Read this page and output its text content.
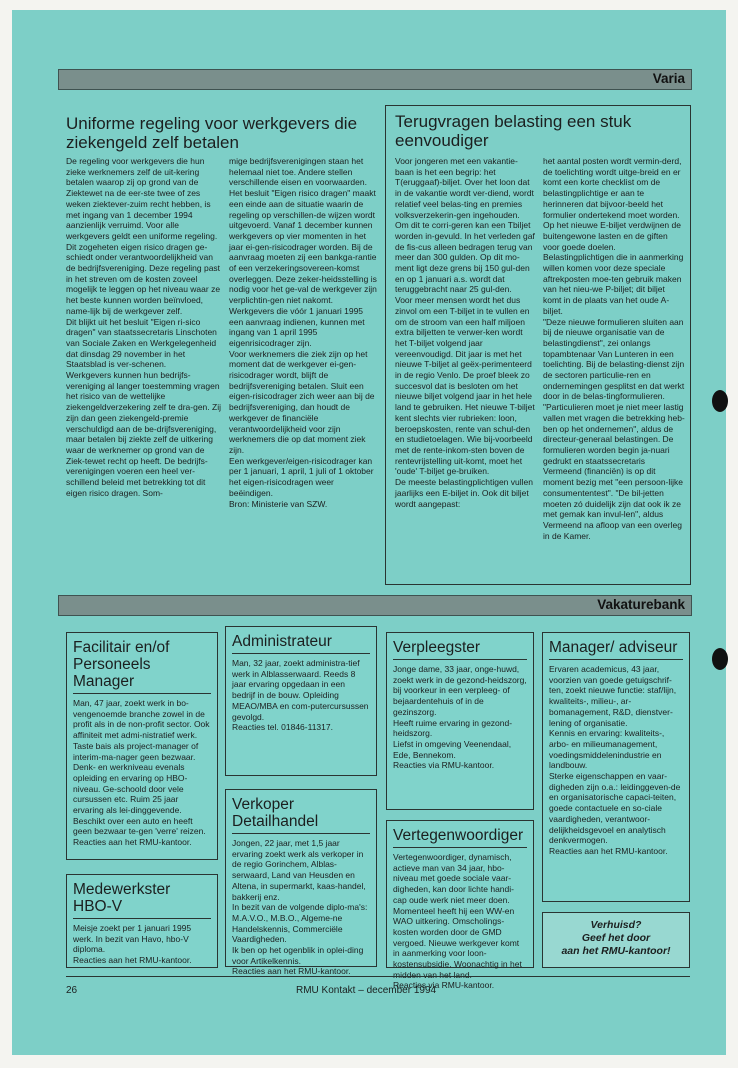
Varia
Uniforme regeling voor werkgevers die ziekengeld zelf betalen

De regeling voor werkgevers die hun zieke werknemers zelf de uit-kering betalen waarop zij op grond van de Ziektewet na de eer-ste twee of zes weken ziektever-zuim recht hebben, is met ingang van 1 december 1994 aanzienlijk verruimd. Voor alle werkgevers geldt een uniforme regeling. Dit zogeheten eigen risico dragen ge-schiedt onder verantwoordelijkheid van de bedrijfsvereniging. Deze regeling past in het streven om de kosten zoveel mogelijk te leggen op het niveau waar ze het beste kunnen worden beïnvloed, name-lijk bij de werkgever zelf.
Dit blijkt uit het besluit "Eigen ri-sico dragen" van staatssecretaris Linschoten van Sociale Zaken en Werkgelegenheid dat dinsdag 29 november in het Staatsblad is ver-schenen.
Werkgevers kunnen hun bedrijfs-vereniging al langer toestemming vragen het risico van de wettelijke ziekengeldverzekering zelf te dra-gen. Zij zijn dan geen ziekengeld-premie verschuldigd aan de be-drijfsvereniging, maar betalen bij ziekte zelf de uitkering waar de werknemer op grond van de Ziek-tewet recht op heeft. De bedrijfs-verenigingen voeren een heel ver-schillend beleid met betrekking tot dit eigen risico dragen. Som-

mige bedrijfsverenigingen staan het helemaal niet toe. Andere stellen verschillende eisen en voorwaarden.
Het besluit "Eigen risico dragen" maakt een einde aan de situatie waarin de regeling op verschillen-de wijzen wordt uitgevoerd. Vanaf 1 december kunnen werkgevers op vier momenten in het jaar ei-gen-risicodrager worden. Bij de aanvraag moeten zij een bankga-rantie of een verzekeringsovereen-komst overleggen. Deze zeker-heidsstelling is nodig voor het ge-val de werkgever zijn verplichtin-gen niet nakomt. Werkgevers die vóór 1 januari 1995 een aanvraag indienen, kunnen met ingang van 1 april 1995 eigenrisicodrager zijn.
Voor werknemers die ziek zijn op het moment dat de werkgever ei-gen-risicodrager wordt, blijft de bedrijfsvereniging betalen. Sluit een eigen-risicodrager zich weer aan bij de bedrijfsvereniging, dan houdt de werkgever de financiële verantwoordelijkheid voor zijn werknemers die op dat moment ziek zijn.
Een werkgever/eigen-risicodrager kan per 1 januari, 1 april, 1 juli of 1 oktober het eigen-risicodragen weer beëindigen.
Bron: Ministerie van SZW.

Terugvragen belasting een stuk eenvoudiger

Voor jongeren met een vakantie-baan is het een begrip: het T(eruggaaf)-biljet. Over het loon dat in de vakantie wordt ver-diend, wordt relatief veel belas-ting en premies volksverzekerin-gen ingehouden. Om dit te corri-geren kan een Tbiljet worden in-gevuld. In het verleden gaf de fis-cus alleen bedragen terug van meer dan 300 gulden. Op dit mo-ment ligt deze grens bij 150 gul-den en op 1 januari a.s. wordt dat teruggebracht naar 25 gul-den.
Voor meer mensen wordt het dus zinvol om een T-biljet in te vullen en om de stroom van een half miljoen extra biljetten te verwer-ken wordt het T-biljet volgend jaar vereenvoudigd. Dit jaar is met het nieuwe T-biljet al geëx-perimenteerd in de regio Venlo. De proef bleek zo succesvol dat is besloten om het nieuwe biljet volgend jaar in het hele land te gebruiken. Het nieuwe T-biljet kent slechts vier rubrieken: loon, beroepskosten, rente van schul-den en studietoelagen. Wie bij-voorbeeld met de rente-inkom-sten boven de rentevrijstelling uit-komt, moet het 'oude' T-biljet ge-bruiken.
De meeste belastingplichtigen vullen jaarlijks een E-biljet in. Ook dit biljet wordt aangepast:

het aantal posten wordt vermin-derd, de toelichting wordt uitge-breid en er komt een korte checklist om de belastingplichtige er aan te herinneren dat bijvoor-beeld het formulier ondertekend moet worden. Op het nieuwe E-biljet verdwijnen de buitengewone lasten en de giften voor goede doelen. Belastingplichtigen die in aanmerking willen komen voor deze speciale aftrekposten moe-ten gebruik maken van het nieu-we P-biljet; dit biljet komt in de plaats van het oude A-biljet.
"Deze nieuwe formulieren sluiten aan bij de nieuwe organisatie van de belastingdienst", zei onlangs topambtenaar Van Lunteren in een toelichting. Bij de belasting-dienst zijn de sectoren particulie-ren en ondernemingen gesplitst en dat werkt door in de belas-tingformulieren. "Particulieren moet je niet meer lastig vallen met vragen die betrekking heb-ben op het ondernemen", aldus de directeur-generaal belastingen. De formulieren worden begin ja-nuari gedrukt en staatssecretaris Vermeend (financiën) is op dit moment bezig met "een persoon-lijke consumententest". "De bil-jetten moeten zó duidelijk zijn dat ook ik ze met gemak kan invul-len", aldus Vermeend na afloop van een overleg in de Kamer.

Vakaturebank
Facilitair en/of Personeels Manager

Man, 47 jaar, zoekt werk in bo-vengenoemde branche zowel in de profit als in de non-profit sector. Ook affiniteit met admi-nistratief werk. Taste bais als project-manager of interim-ma-nager geen bezwaar. Denk- en werkniveau evenals opleiding en ervaring op HBO-niveau. Ge-schoold door vele cursussen etc. Ruim 25 jaar ervaring als lei-dinggevende. Beschikt over een auto en heeft geen bezwaar te-gen 'verre' reizen.
Reacties aan het RMU-kantoor.

Medewerkster HBO-V

Meisje zoekt per 1 januari 1995 werk. In bezit van Havo, hbo-V diploma.
Reacties aan het RMU-kantoor.

Administrateur

Man, 32 jaar, zoekt administra-tief werk in Alblasserwaard. Reeds 8 jaar ervaring opgedaan in een bedrijf in de bouw. Opleiding MEAO/MBA en com-putercursussen gevolgd.
Reacties tel. 01846-11317.

Verkoper Detailhandel

Jongen, 22 jaar, met 1,5 jaar ervaring zoekt werk als verkoper in de regio Gorinchem, Alblas-serwaard, Land van Heusden en Altena, in supermarkt, kaas-handel, bakkerij enz.
In bezit van de volgende diplo-ma's: M.A.V.O., M.B.O., Algeme-ne Handelskennis, Commerciële Vaardigheden.
Ik ben op het ogenblik in oplei-ding voor Artikelkennis.
Reacties aan het RMU-kantoor.

Verpleegster

Jonge dame, 33 jaar, onge-huwd, zoekt werk in de gezond-heidszorg, bij voorkeur in een verpleeg- of bejaardentehuis of in de gezinszorg.
Heeft ruime ervaring in gezond-heidszorg.
Liefst in omgeving Veenendaal, Ede, Bennekom.
Reacties via RMU-kantoor.

Vertegenwoordiger

Vertegenwoordiger, dynamisch, actieve man van 34 jaar, hbo-niveau met goede sociale vaar-digheden, kan door lichte handi-cap oude werk niet meer doen. Momenteel heeft hij een WW-en WAO uitkering. Omscholings-kosten worden door de GMD vergoed. Nieuwe werkgever komt in aanmerking voor loon-kostensubsidie. Woonachtig in het midden van het land.
Reacties via RMU-kantoor.

Manager/ adviseur

Ervaren academicus, 43 jaar, voorzien van goede getuigschrif-ten, zoekt nieuwe functie: staf/lijn, kwaliteits-, milieu-, ar-bomanagement, R&D, dienstver-lening of organisatie.
Kennis en ervaring: kwaliteits-, arbo- en milieumanagement, voedingsmiddelenindustrie en landbouw.
Sterke eigenschappen en vaar-digheden zijn o.a.: leidinggeven-de en organisatorische capaci-teiten, goede contactuele en so-ciale vaardigheden, verantwoor-delijkheidsgevoel en analytisch denkvermogen.
Reacties aan het RMU-kantoor.

Verhuisd?
Geef het door
aan het RMU-kantoor!
26	RMU Kontakt – december 1994
